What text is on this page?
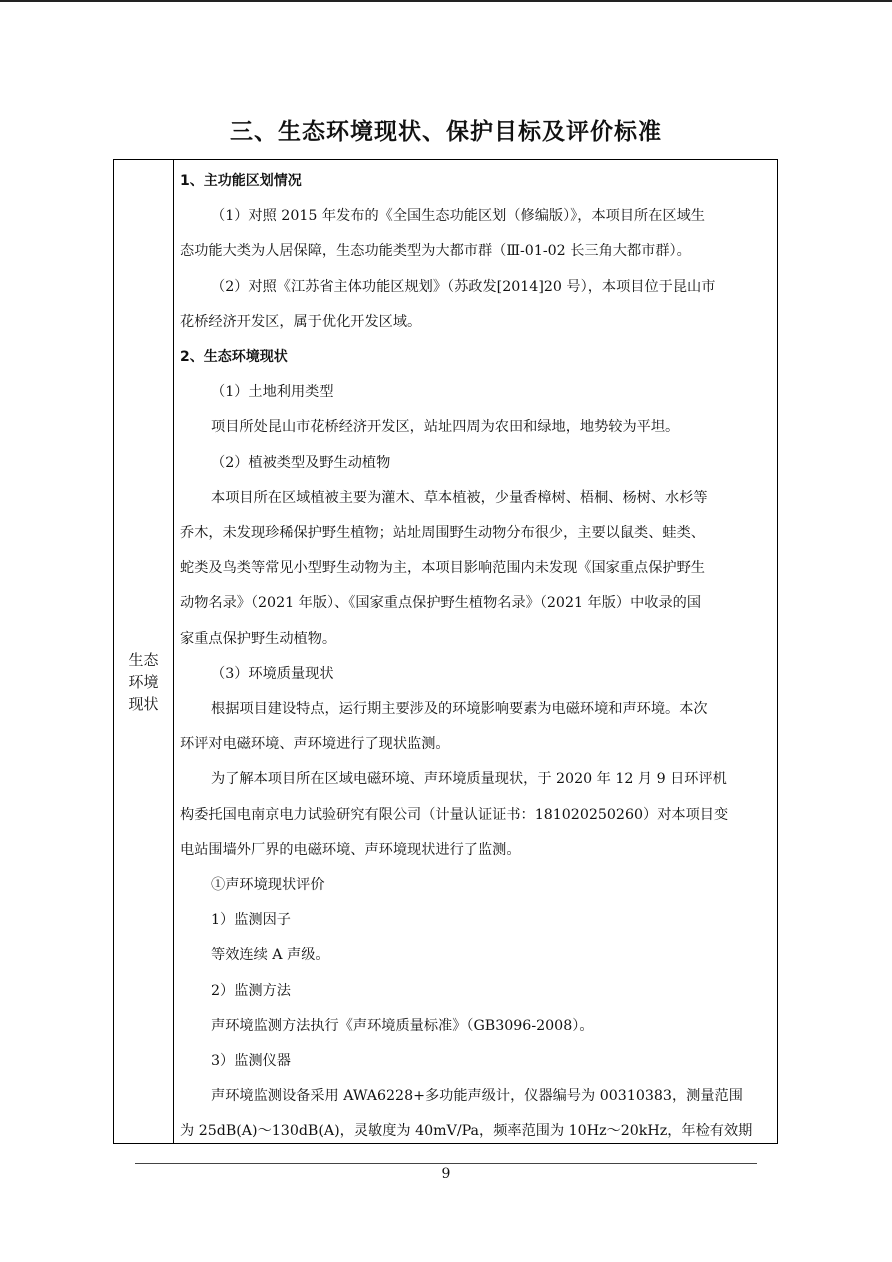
三、生态环境现状、保护目标及评价标准
生态
环境
现状
1、主功能区划情况
（1）对照 2015 年发布的《全国生态功能区划（修编版）》，本项目所在区域生
态功能大类为人居保障，生态功能类型为大都市群（Ⅲ-01-02 长三角大都市群）。
（2）对照《江苏省主体功能区规划》（苏政发[2014]20 号），本项目位于昆山市
花桥经济开发区，属于优化开发区域。
2、生态环境现状
（1）土地利用类型
项目所处昆山市花桥经济开发区，站址四周为农田和绿地，地势较为平坦。
（2）植被类型及野生动植物
本项目所在区域植被主要为灌木、草本植被，少量香樟树、梧桐、杨树、水杉等
乔木，未发现珍稀保护野生植物；站址周围野生动物分布很少，主要以鼠类、蛙类、
蛇类及鸟类等常见小型野生动物为主，本项目影响范围内未发现《国家重点保护野生
动物名录》（2021 年版）、《国家重点保护野生植物名录》（2021 年版）中收录的国
家重点保护野生动植物。
（3）环境质量现状
根据项目建设特点，运行期主要涉及的环境影响要素为电磁环境和声环境。本次
环评对电磁环境、声环境进行了现状监测。
为了解本项目所在区域电磁环境、声环境质量现状，于 2020 年 12 月 9 日环评机
构委托国电南京电力试验研究有限公司（计量认证证书：181020250260）对本项目变
电站围墙外厂界的电磁环境、声环境现状进行了监测。
①声环境现状评价
1）监测因子
等效连续 A 声级。
2）监测方法
声环境监测方法执行《声环境质量标准》（GB3096-2008）。
3）监测仪器
声环境监测设备采用 AWA6228+多功能声级计，仪器编号为 00310383，测量范围
为 25dB(A)～130dB(A)，灵敏度为 40mV/Pa，频率范围为 10Hz～20kHz，年检有效期
9
